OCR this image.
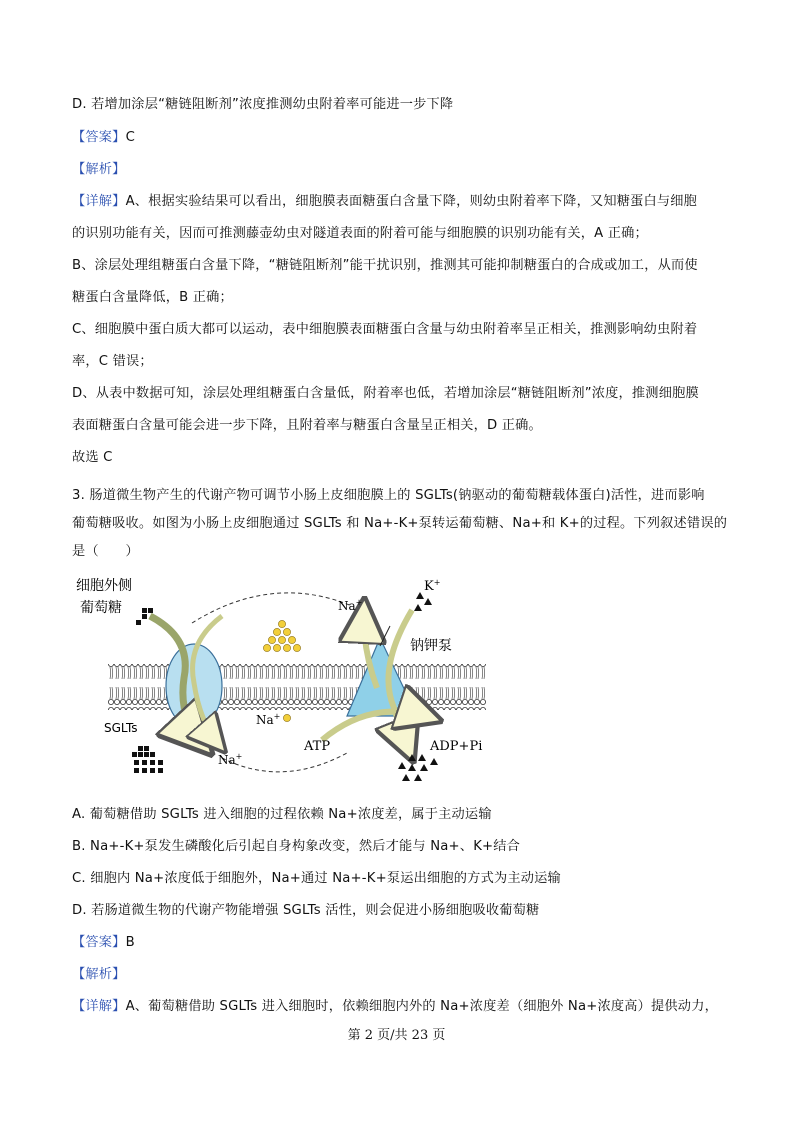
D. 若增加涂层“糖链阻断剂”浓度推测幼虫附着率可能进一步下降
【答案】C
【解析】
【详解】A、根据实验结果可以看出，细胞膜表面糖蛋白含量下降，则幼虫附着率下降，又知糖蛋白与细胞
的识别功能有关，因而可推测藤壶幼虫对隧道表面的附着可能与细胞膜的识别功能有关，A 正确；
B、涂层处理组糖蛋白含量下降，“糖链阻断剂”能干扰识别，推测其可能抑制糖蛋白的合成或加工，从而使
糖蛋白含量降低，B 正确；
C、细胞膜中蛋白质大都可以运动，表中细胞膜表面糖蛋白含量与幼虫附着率呈正相关，推测影响幼虫附着
率，C 错误；
D、从表中数据可知，涂层处理组糖蛋白含量低，附着率也低，若增加涂层“糖链阻断剂”浓度，推测细胞膜
表面糖蛋白含量可能会进一步下降，且附着率与糖蛋白含量呈正相关，D 正确。
故选 C
3. 肠道微生物产生的代谢产物可调节小肠上皮细胞膜上的 SGLTs(钠驱动的葡萄糖载体蛋白)活性，进而影响
葡萄糖吸收。如图为小肠上皮细胞通过 SGLTs 和 Na+-K+泵转运葡萄糖、Na+和 K+的过程。下列叙述错误的
是（　　）
细胞外侧
葡萄糖
SGLTs
Na+
K+
钠钾泵
Na+
ATP	ADP+Pi
Na+
A. 葡萄糖借助 SGLTs 进入细胞的过程依赖 Na+浓度差，属于主动运输
B. Na+-K+泵发生磷酸化后引起自身构象改变，然后才能与 Na+、K+结合
C. 细胞内 Na+浓度低于细胞外，Na+通过 Na+-K+泵运出细胞的方式为主动运输
D. 若肠道微生物的代谢产物能增强 SGLTs 活性，则会促进小肠细胞吸收葡萄糖
【答案】B
【解析】
【详解】A、葡萄糖借助 SGLTs 进入细胞时，依赖细胞内外的 Na+浓度差（细胞外 Na+浓度高）提供动力，
第 2 页/共 23 页
